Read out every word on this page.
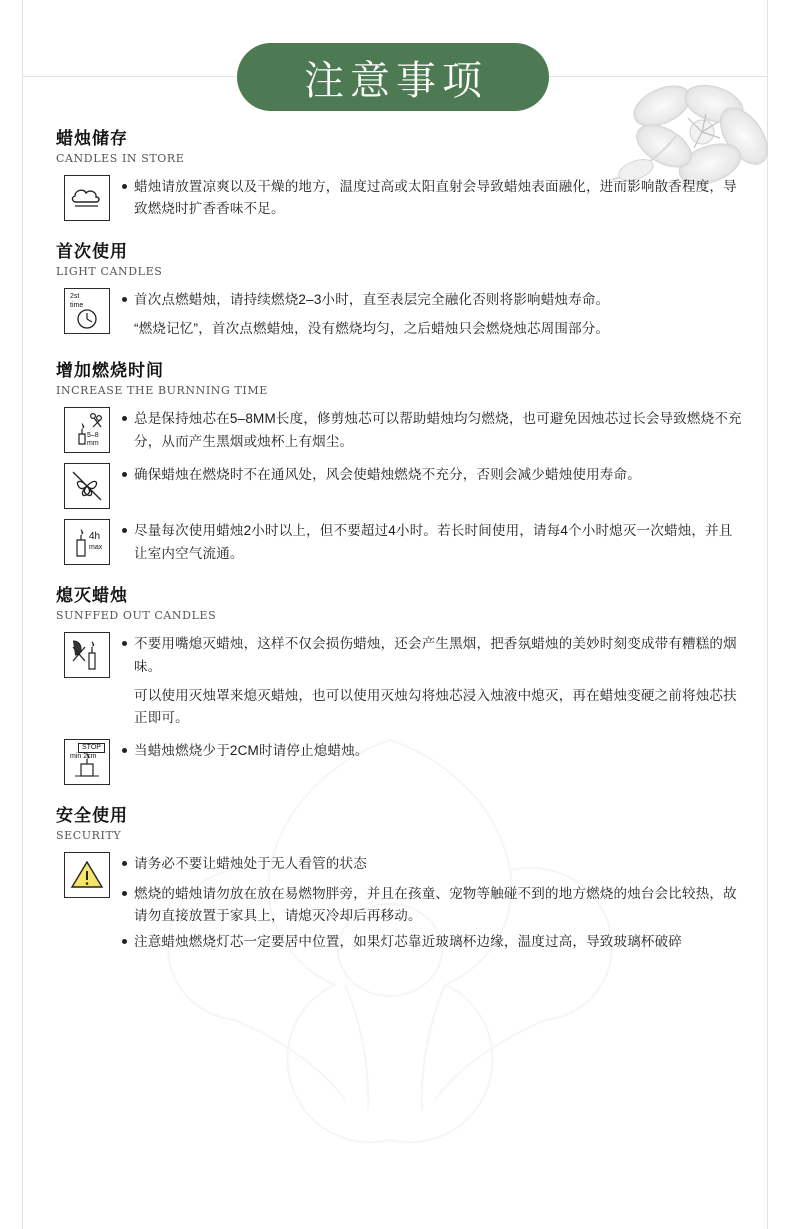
注意事项
蜡烛储存
CANDLES IN STORE
蜡烛请放置凉爽以及干燥的地方，温度过高或太阳直射会导致蜡烛表面融化，进而影响散香程度，导致燃烧时扩香香味不足。
首次使用
LIGHT CANDLES
2st
time	首次点燃蜡烛，请持续燃烧2–3小时，直至表层完全融化否则将影响蜡烛寿命。
“燃烧记忆”，首次点燃蜡烛，没有燃烧均匀，之后蜡烛只会燃烧烛芯周围部分。
增加燃烧时间
INCREASE THE BURNNING TIME
5–8
mm
总是保持烛芯在5–8MM长度，修剪烛芯可以帮助蜡烛均匀燃烧，也可避免因烛芯过长会导致燃烧不充分，从而产生黑烟或烛杯上有烟尘。
确保蜡烛在燃烧时不在通风处，风会使蜡烛燃烧不充分，否则会减少蜡烛使用寿命。
4h
max
尽量每次使用蜡烛2小时以上，但不要超过4小时。若长时间使用，请每4个小时熄灭一次蜡烛，并且让室内空气流通。
熄灭蜡烛
SUNFFED OUT CANDLES
不要用嘴熄灭蜡烛，这样不仅会损伤蜡烛，还会产生黑烟，把香氛蜡烛的美妙时刻变成带有糟糕的烟味。
可以使用灭烛罩来熄灭蜡烛，也可以使用灭烛勾将烛芯浸入烛液中熄灭，再在蜡烛变硬之前将烛芯扶正即可。
STOP
min 2cm	当蜡烛燃烧少于2CM时请停止熄蜡烛。
安全使用
SECURITY
请务必不要让蜡烛处于无人看管的状态
燃烧的蜡烛请勿放在放在易燃物胖旁，并且在孩童、宠物等触碰不到的地方燃烧的烛台会比较热，故请勿直接放置于家具上，请熄灭冷却后再移动。
注意蜡烛燃烧灯芯一定要居中位置，如果灯芯靠近玻璃杯边缘，温度过高，导致玻璃杯破碎
